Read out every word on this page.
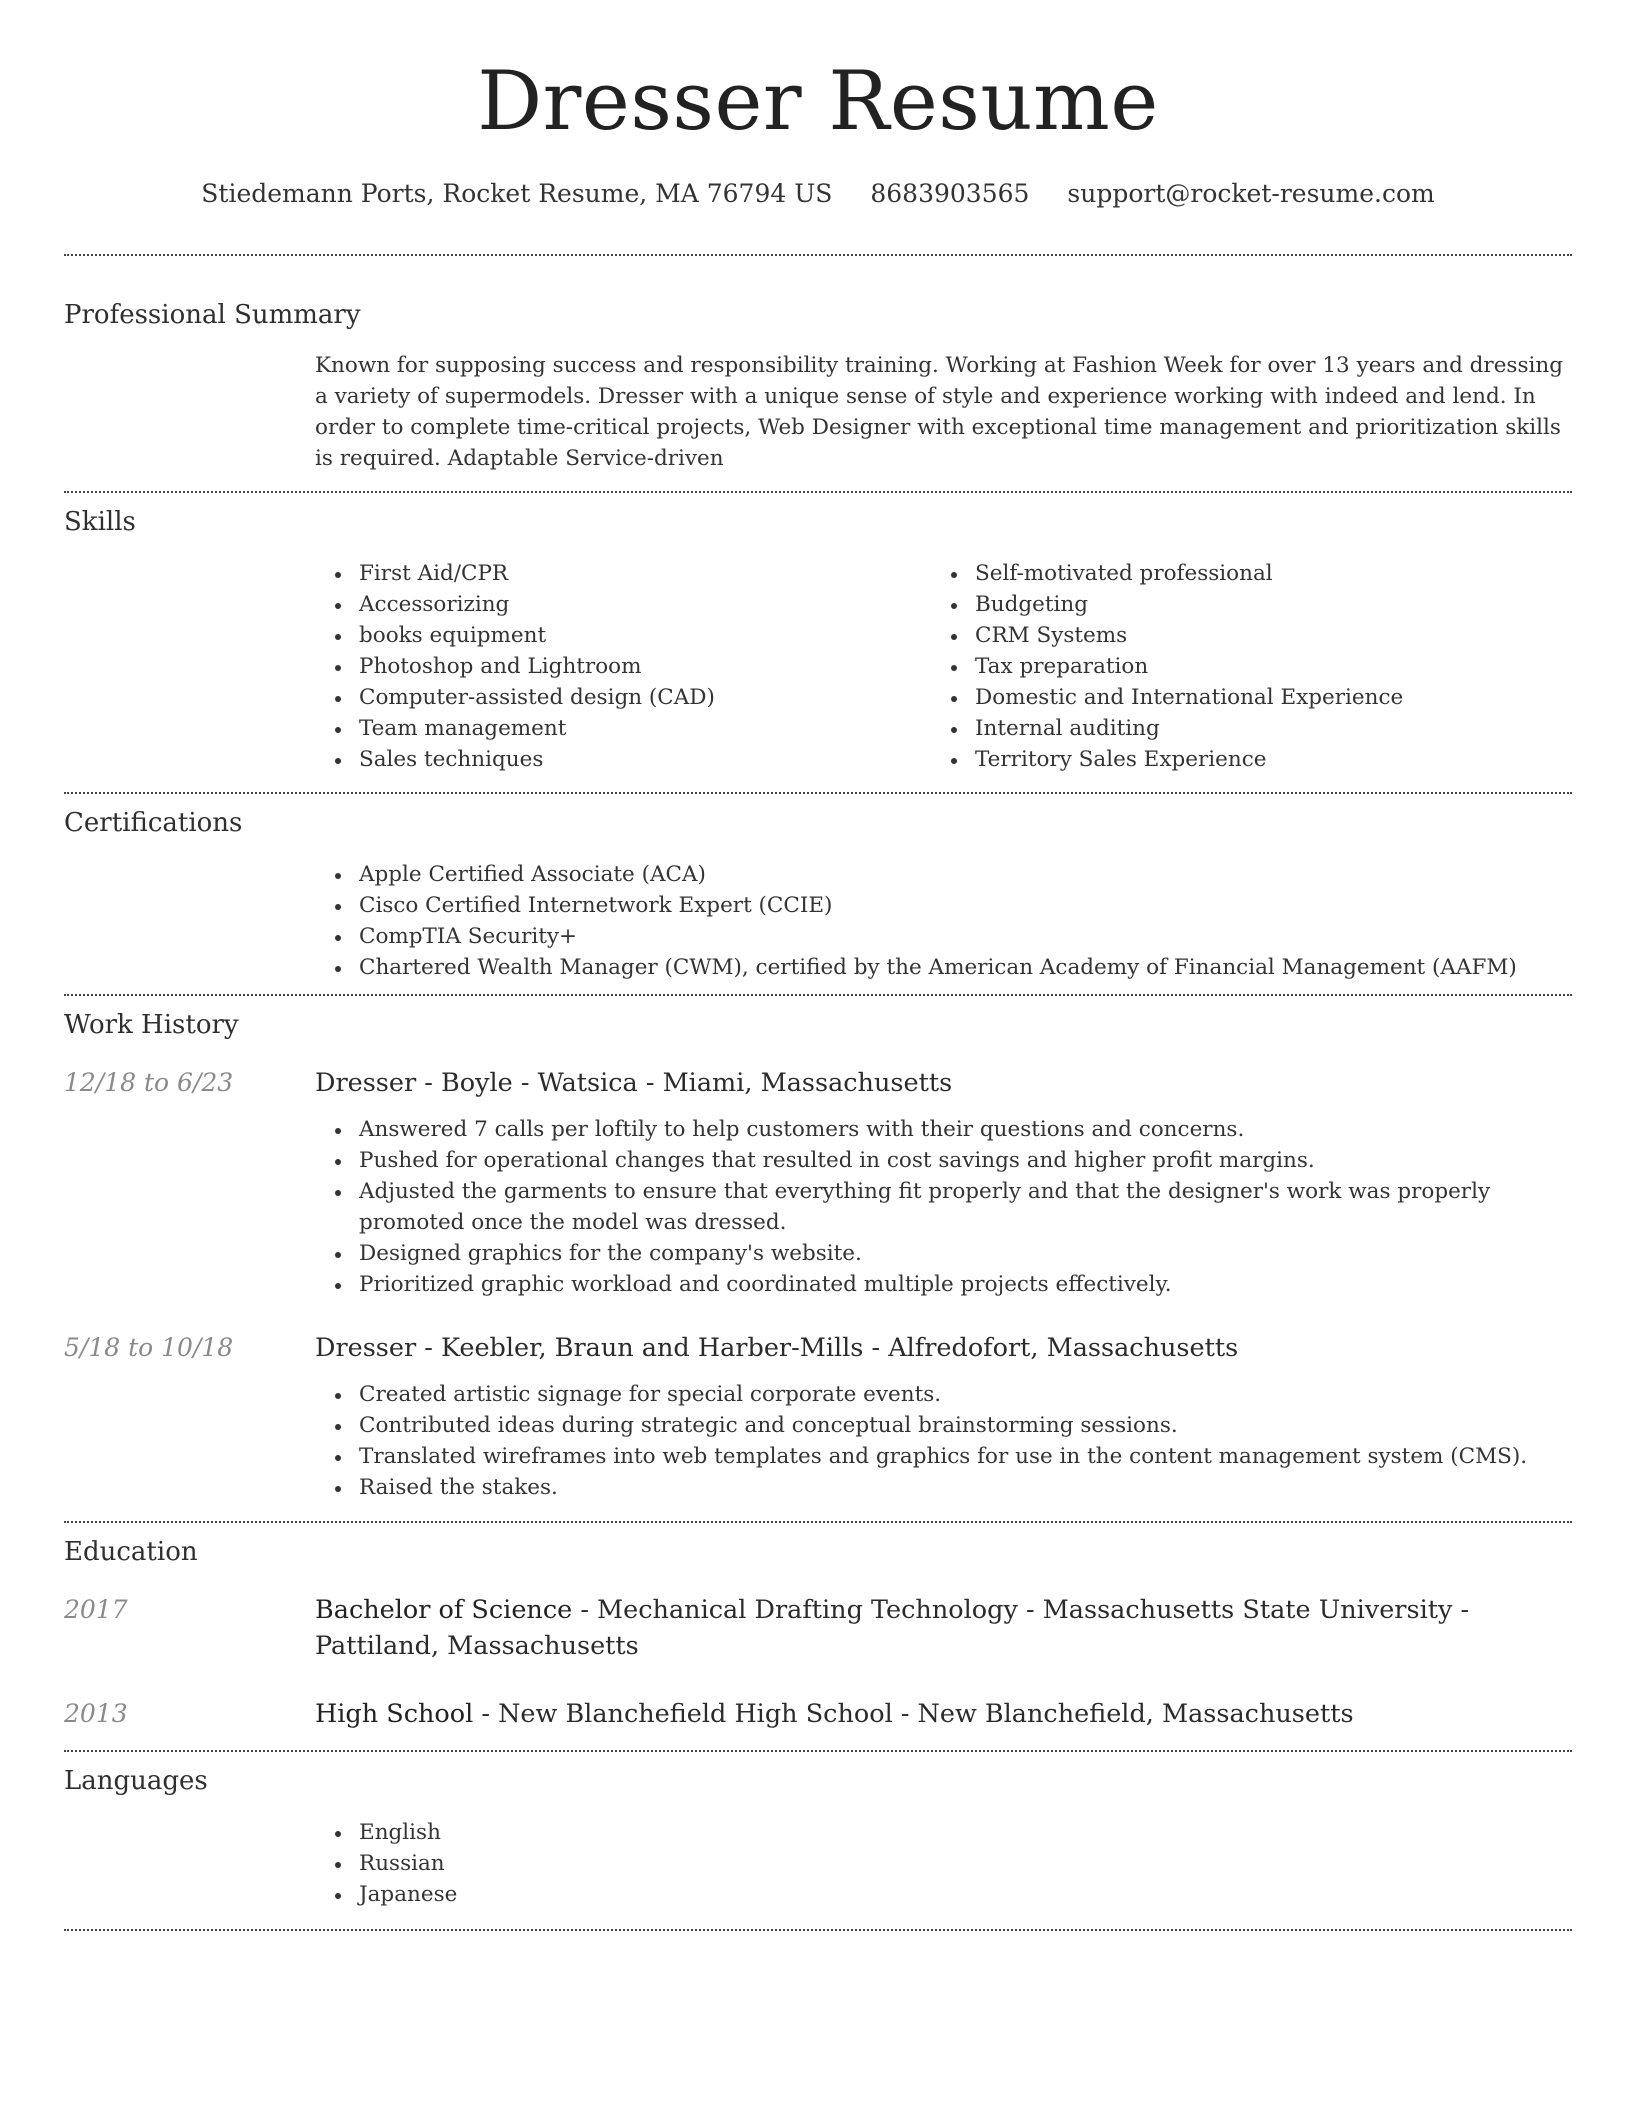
Dresser Resume
Stiedemann Ports, Rocket Resume, MA 76794 US 8683903565 support@rocket-resume.com
Professional Summary

Known for supposing success and responsibility training. Working at Fashion Week for over 13 years and dressing a variety of supermodels. Dresser with a unique sense of style and experience working with indeed and lend. In order to complete time-critical projects, Web Designer with exceptional time management and prioritization skills is required. Adaptable Service-driven

Skills
First Aid/CPR
Accessorizing
books equipment
Photoshop and Lightroom
Computer-assisted design (CAD)
Team management
Sales techniques
Self-motivated professional
Budgeting
CRM Systems
Tax preparation
Domestic and International Experience
Internal auditing
Territory Sales Experience
Certifications
Apple Certified Associate (ACA)
Cisco Certified Internetwork Expert (CCIE)
CompTIA Security+
Chartered Wealth Manager (CWM), certified by the American Academy of Financial Management (AAFM)
Work History
12/18 to 6/23	Dresser - Boyle - Watsica - Miami, Massachusetts
Answered 7 calls per loftily to help customers with their questions and concerns.
Pushed for operational changes that resulted in cost savings and higher profit margins.
Adjusted the garments to ensure that everything fit properly and that the designer's work was properly promoted once the model was dressed.
Designed graphics for the company's website.
Prioritized graphic workload and coordinated multiple projects effectively.
5/18 to 10/18	Dresser - Keebler, Braun and Harber-Mills - Alfredofort, Massachusetts
Created artistic signage for special corporate events.
Contributed ideas during strategic and conceptual brainstorming sessions.
Translated wireframes into web templates and graphics for use in the content management system (CMS).
Raised the stakes.
Education
2017	Bachelor of Science - Mechanical Drafting Technology - Massachusetts State University - Pattiland, Massachusetts
2013	High School - New Blanchefield High School - New Blanchefield, Massachusetts
Languages
English
Russian
Japanese
